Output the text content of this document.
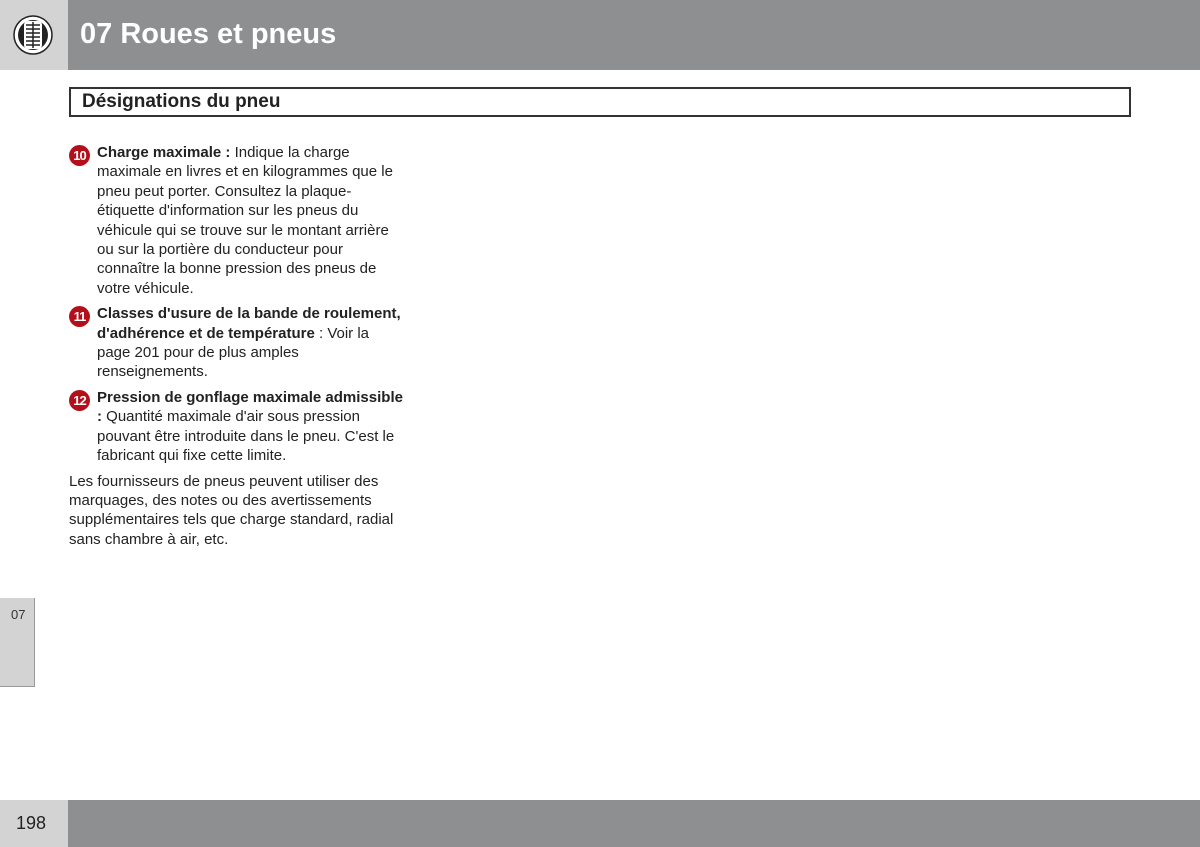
07 Roues et pneus
Désignations du pneu
10 Charge maximale : Indique la charge maximale en livres et en kilogrammes que le pneu peut porter. Consultez la plaque-étiquette d'information sur les pneus du véhicule qui se trouve sur le montant arrière ou sur la portière du conducteur pour connaître la bonne pression des pneus de votre véhicule.
11 Classes d'usure de la bande de roulement, d'adhérence et de température : Voir la page 201 pour de plus amples renseignements.
12 Pression de gonflage maximale admissible : Quantité maximale d'air sous pression pouvant être introduite dans le pneu. C'est le fabricant qui fixe cette limite.

Les fournisseurs de pneus peuvent utiliser des marquages, des notes ou des avertissements supplémentaires tels que charge standard, radial sans chambre à air, etc.

07
198
